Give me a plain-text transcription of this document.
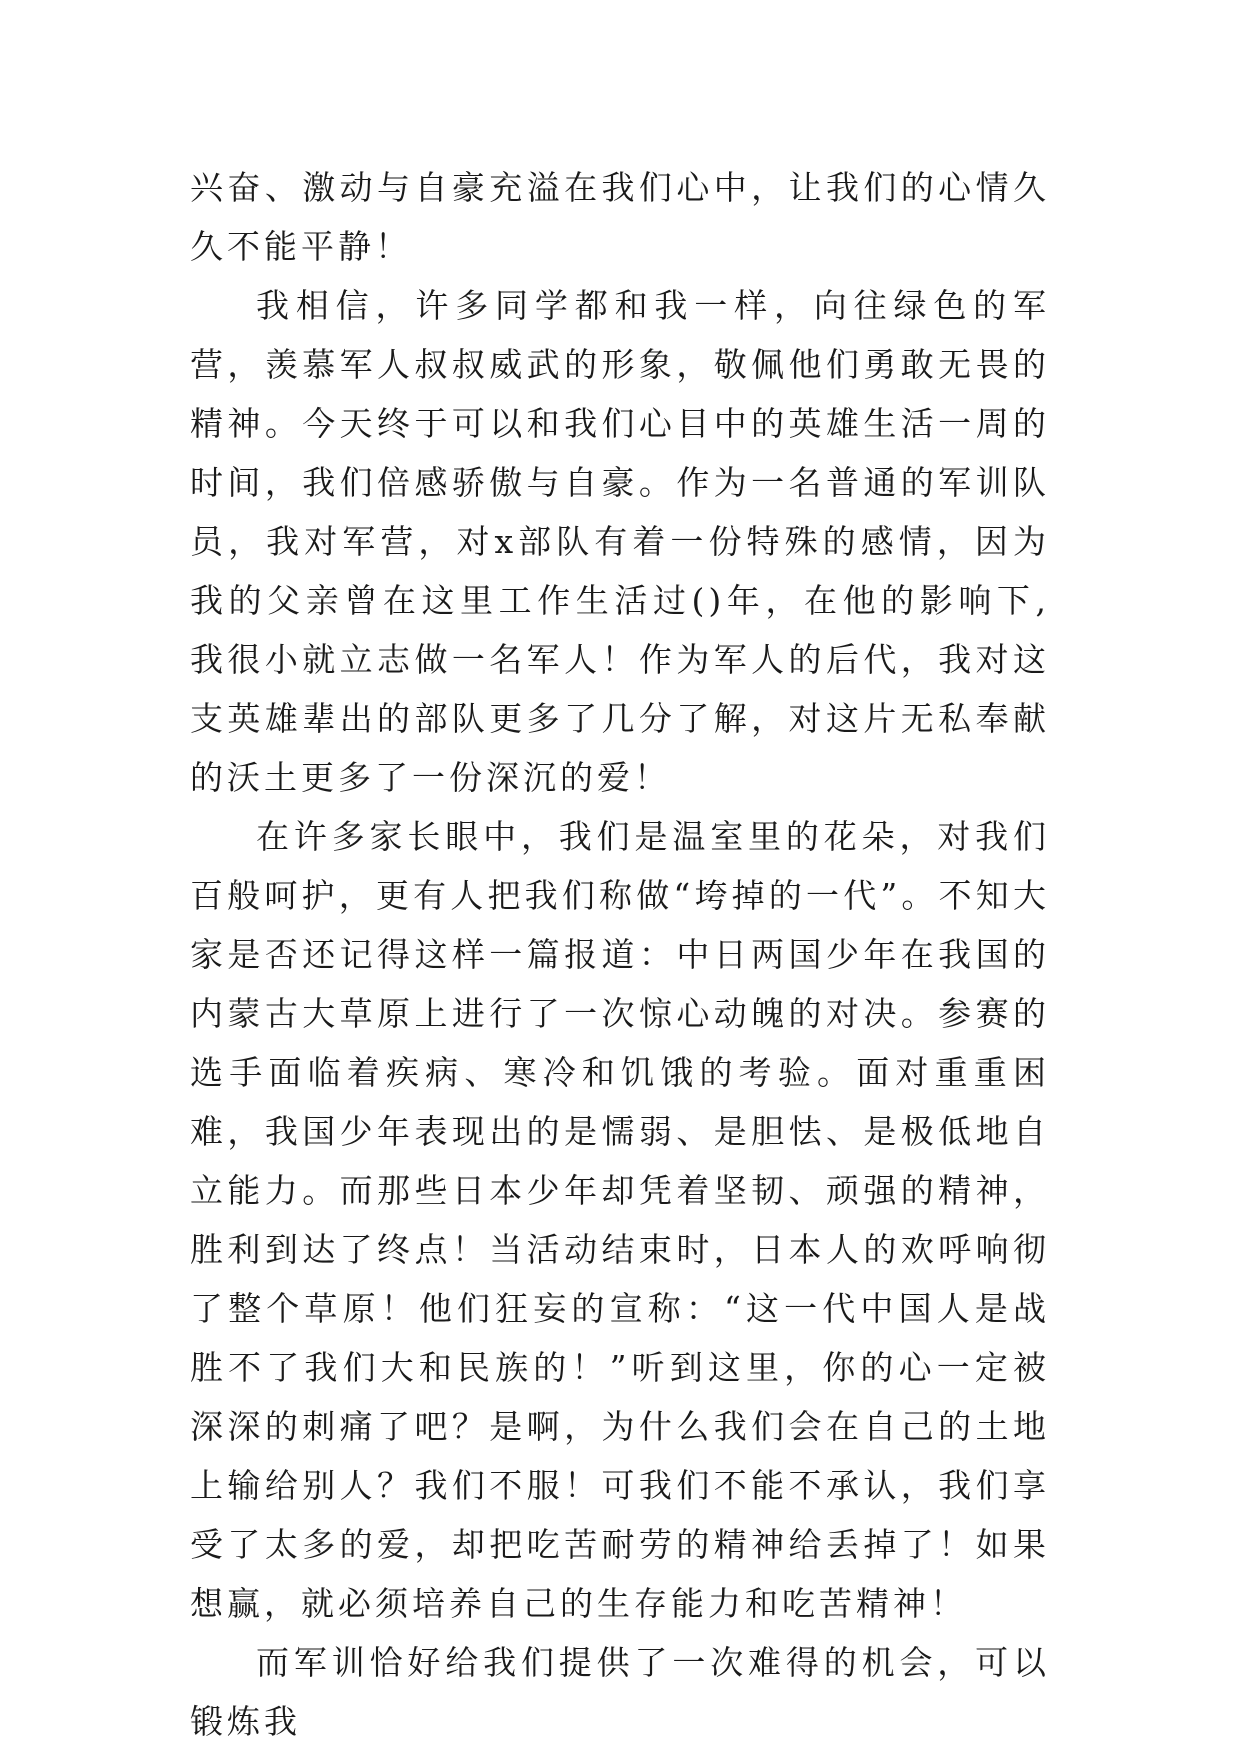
兴奋、激动与自豪充溢在我们心中，让我们的心情久久不能平静！

我相信，许多同学都和我一样，向往绿色的军营，羡慕军人叔叔威武的形象，敬佩他们勇敢无畏的精神。今天终于可以和我们心目中的英雄生活一周的时间，我们倍感骄傲与自豪。作为一名普通的军训队员，我对军营，对x部队有着一份特殊的感情，因为我的父亲曾在这里工作生活过()年，在他的影响下,我很小就立志做一名军人！作为军人的后代，我对这支英雄辈出的部队更多了几分了解，对这片无私奉献的沃土更多了一份深沉的爱！

在许多家长眼中，我们是温室里的花朵，对我们百般呵护，更有人把我们称做“垮掉的一代”。不知大家是否还记得这样一篇报道：中日两国少年在我国的内蒙古大草原上进行了一次惊心动魄的对决。参赛的选手面临着疾病、寒冷和饥饿的考验。面对重重困难，我国少年表现出的是懦弱、是胆怯、是极低地自立能力。而那些日本少年却凭着坚韧、顽强的精神，胜利到达了终点！当活动结束时，日本人的欢呼响彻了整个草原！他们狂妄的宣称：“这一代中国人是战胜不了我们大和民族的！”听到这里，你的心一定被深深的刺痛了吧？是啊，为什么我们会在自己的土地上输给别人？我们不服！可我们不能不承认，我们享受了太多的爱，却把吃苦耐劳的精神给丢掉了！如果想赢，就必须培养自己的生存能力和吃苦精神！

而军训恰好给我们提供了一次难得的机会，可以锻炼我
